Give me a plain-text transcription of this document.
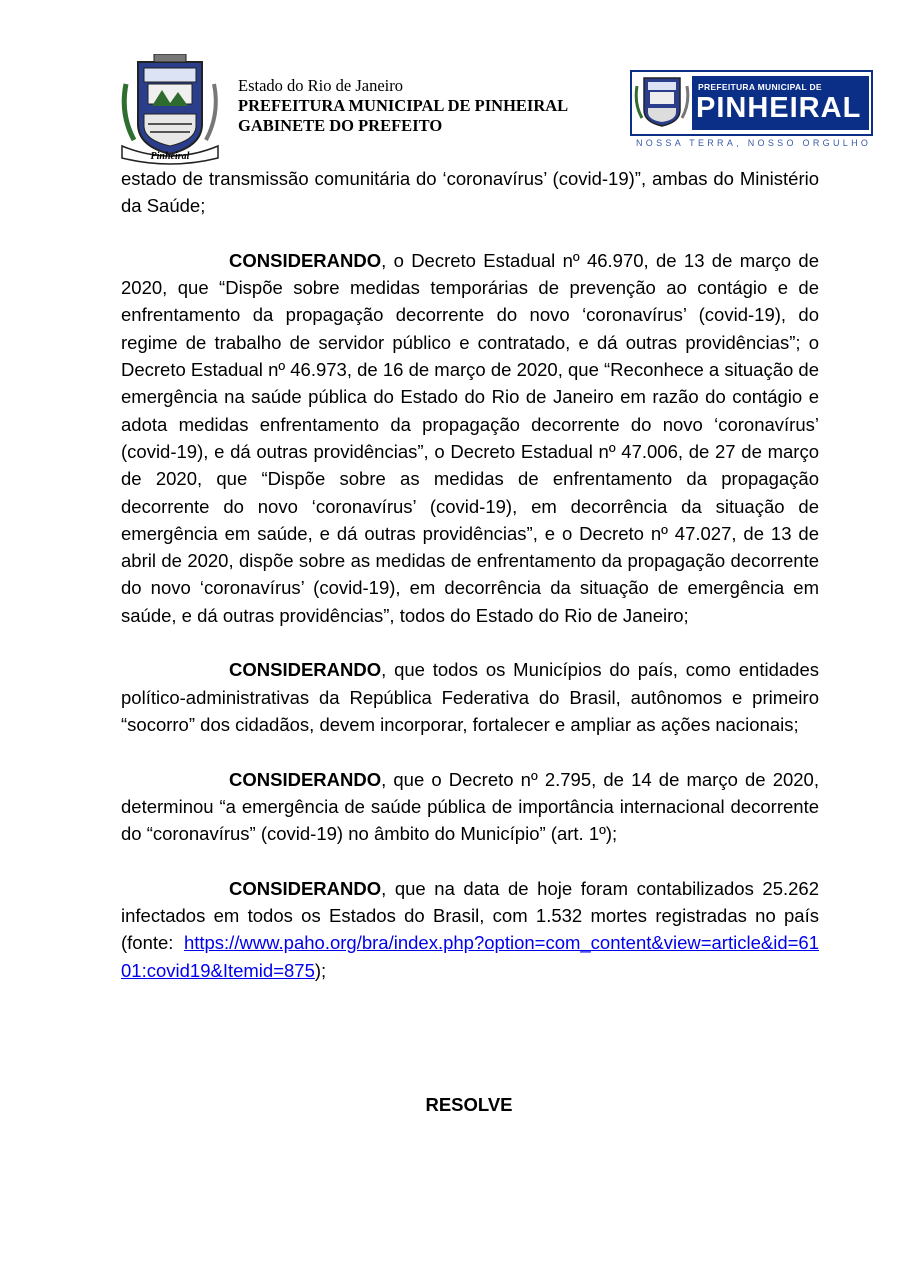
Pinheiral
Estado do Rio de Janeiro
PREFEITURA MUNICIPAL DE PINHEIRAL
GABINETE DO PREFEITO
PREFEITURA MUNICIPAL DE
PINHEIRAL
NOSSA TERRA, NOSSO ORGULHO

estado de transmissão comunitária do ‘coronavírus’ (covid-19)”, ambas do Ministério da Saúde;

CONSIDERANDO, o Decreto Estadual nº 46.970, de 13 de março de 2020, que “Dispõe sobre medidas temporárias de prevenção ao contágio e de enfrentamento da propagação decorrente do novo ‘coronavírus’ (covid-19), do regime de trabalho de servidor público e contratado, e dá outras providências”; o Decreto Estadual nº 46.973, de 16 de março de 2020, que “Reconhece a situação de emergência na saúde pública do Estado do Rio de Janeiro em razão do contágio e adota medidas enfrentamento da propagação decorrente do novo ‘coronavírus’ (covid-19), e dá outras providências”, o Decreto Estadual nº 47.006, de 27 de março de 2020, que “Dispõe sobre as medidas de enfrentamento da propagação decorrente do novo ‘coronavírus’ (covid-19), em decorrência da situação de emergência em saúde, e dá outras providências”, e o Decreto nº 47.027, de 13 de abril de 2020, dispõe sobre as medidas de enfrentamento da propagação decorrente do novo ‘coronavírus’ (covid-19), em decorrência da situação de emergência em saúde, e dá outras providências”, todos do Estado do Rio de Janeiro;

CONSIDERANDO, que todos os Municípios do país, como entidades político-administrativas da República Federativa do Brasil, autônomos e primeiro “socorro” dos cidadãos, devem incorporar, fortalecer e ampliar as ações nacionais;

CONSIDERANDO, que o Decreto nº 2.795, de 14 de março de 2020, determinou “a emergência de saúde pública de importância internacional decorrente do “coronavírus” (covid-19) no âmbito do Município” (art. 1º);

CONSIDERANDO, que na data de hoje foram contabilizados 25.262 infectados em todos os Estados do Brasil, com 1.532 mortes registradas no país (fonte: https://www.paho.org/bra/index.php?option=com_content&view=article&id=6101:covid19&Itemid=875);

RESOLVE
